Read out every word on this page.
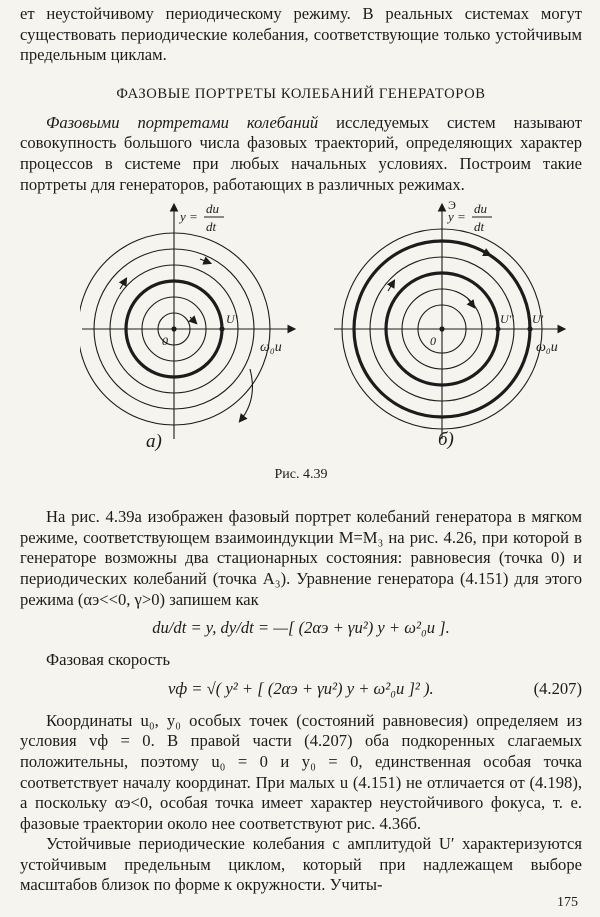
ет неустойчивому периодическому режиму. В реальных системах могут существовать периодические колебания, соответствующие только устойчивым предельным циклам.

ФАЗОВЫЕ ПОРТРЕТЫ КОЛЕБАНИЙ ГЕНЕРАТОРОВ

Фазовыми портретами колебаний исследуемых систем называют совокупность большого числа фазовых траекторий, определяющих характер процессов в системе при любых начальных условиях. Построим такие портреты для генераторов, работающих в различных режимах.

y =
du
dt
ω₀u
0
U'
а)
y =
du
dt
Э
ω₀u
0
U'' U'
б)
Рис. 4.39

На рис. 4.39а изображен фазовый портрет колебаний генератора в мягком режиме, соответствующем взаимоиндукции M=M₃ на рис. 4.26, при которой в генераторе возможны два стационарных состояния: равновесия (точка 0) и периодических колебаний (точка A₃). Уравнение генератора (4.151) для этого режима (αэ<<0, γ>0) запишем как

du/dt = y, dy/dt = —[ (2αэ + γu²) y + ω²₀u ].

Фазовая скорость

vф = √( y² + [ (2αэ + γu²) y + ω²₀u ]² ).	(4.207)

Координаты u₀, y₀ особых точек (состояний равновесия) определяем из условия vф = 0. В правой части (4.207) оба подкоренных слагаемых положительны, поэтому u₀ = 0 и y₀ = 0, единственная особая точка соответствует началу координат. При малых u (4.151) не отличается от (4.198), а поскольку αэ<0, особая точка имеет характер неустойчивого фокуса, т. е. фазовые траектории около нее соответствуют рис. 4.36б.

Устойчивые периодические колебания с амплитудой U′ характеризуются устойчивым предельным циклом, который при надлежащем выборе масштабов близок по форме к окружности. Учиты-

175
